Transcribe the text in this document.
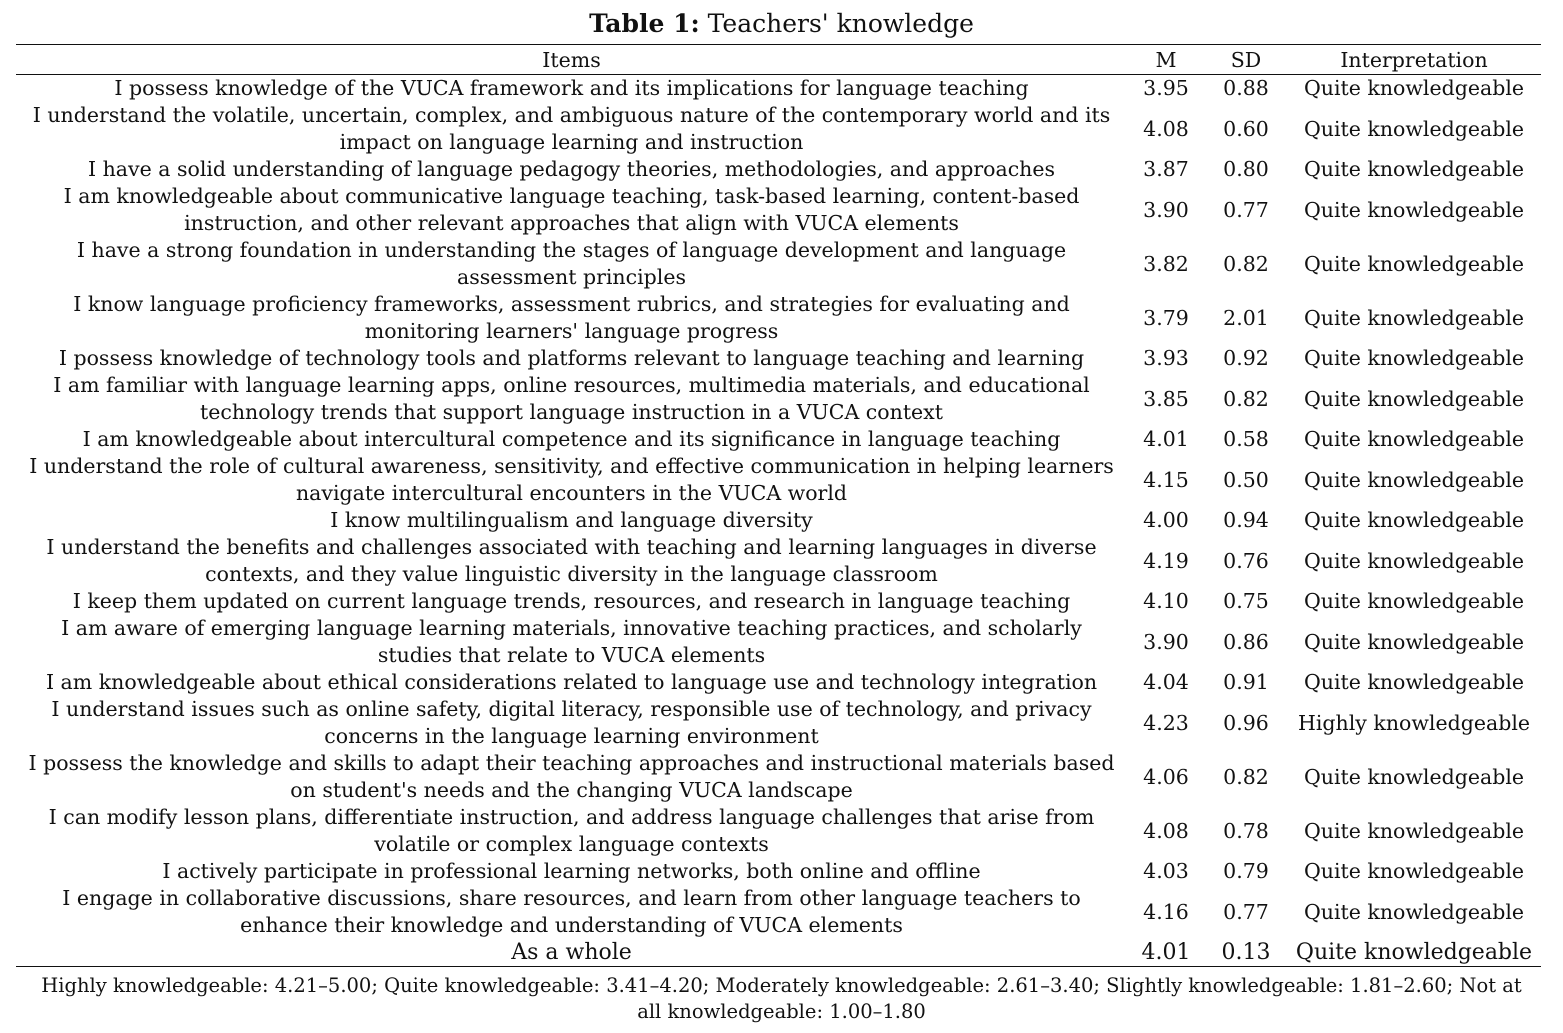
Table 1: Teachers' knowledge
Items	M	SD	Interpretation
I possess knowledge of the VUCA framework and its implications for language teaching	3.95	0.88	Quite knowledgeable
I understand the volatile, uncertain, complex, and ambiguous nature of the contemporary world and its impact on language learning and instruction	4.08	0.60	Quite knowledgeable
I have a solid understanding of language pedagogy theories, methodologies, and approaches	3.87	0.80	Quite knowledgeable
I am knowledgeable about communicative language teaching, task-based learning, content-based instruction, and other relevant approaches that align with VUCA elements	3.90	0.77	Quite knowledgeable
I have a strong foundation in understanding the stages of language development and language assessment principles	3.82	0.82	Quite knowledgeable
I know language proficiency frameworks, assessment rubrics, and strategies for evaluating and monitoring learners' language progress	3.79	2.01	Quite knowledgeable
I possess knowledge of technology tools and platforms relevant to language teaching and learning	3.93	0.92	Quite knowledgeable
I am familiar with language learning apps, online resources, multimedia materials, and educational technology trends that support language instruction in a VUCA context	3.85	0.82	Quite knowledgeable
I am knowledgeable about intercultural competence and its significance in language teaching	4.01	0.58	Quite knowledgeable
I understand the role of cultural awareness, sensitivity, and effective communication in helping learners navigate intercultural encounters in the VUCA world	4.15	0.50	Quite knowledgeable
I know multilingualism and language diversity	4.00	0.94	Quite knowledgeable
I understand the benefits and challenges associated with teaching and learning languages in diverse contexts, and they value linguistic diversity in the language classroom	4.19	0.76	Quite knowledgeable
I keep them updated on current language trends, resources, and research in language teaching	4.10	0.75	Quite knowledgeable
I am aware of emerging language learning materials, innovative teaching practices, and scholarly studies that relate to VUCA elements	3.90	0.86	Quite knowledgeable
I am knowledgeable about ethical considerations related to language use and technology integration	4.04	0.91	Quite knowledgeable
I understand issues such as online safety, digital literacy, responsible use of technology, and privacy concerns in the language learning environment	4.23	0.96	Highly knowledgeable
I possess the knowledge and skills to adapt their teaching approaches and instructional materials based on student's needs and the changing VUCA landscape	4.06	0.82	Quite knowledgeable
I can modify lesson plans, differentiate instruction, and address language challenges that arise from volatile or complex language contexts	4.08	0.78	Quite knowledgeable
I actively participate in professional learning networks, both online and offline	4.03	0.79	Quite knowledgeable
I engage in collaborative discussions, share resources, and learn from other language teachers to enhance their knowledge and understanding of VUCA elements	4.16	0.77	Quite knowledgeable
As a whole	4.01	0.13	Quite knowledgeable
Highly knowledgeable: 4.21–5.00; Quite knowledgeable: 3.41–4.20; Moderately knowledgeable: 2.61–3.40; Slightly knowledgeable: 1.81–2.60; Not at all knowledgeable: 1.00–1.80
